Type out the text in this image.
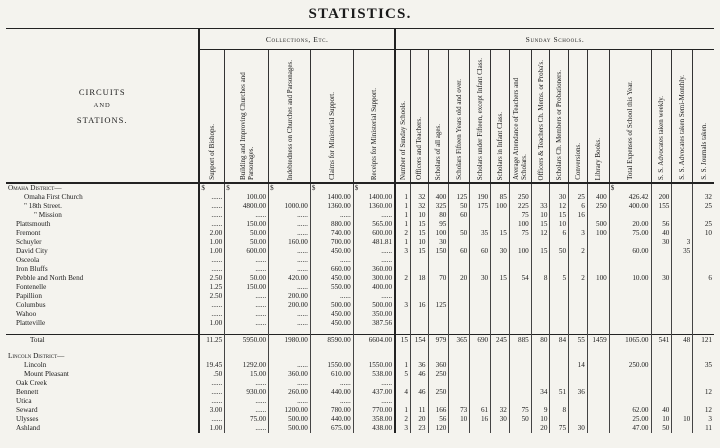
STATISTICS.
CIRCUITS
AND
STATIONS.	Collections, Etc.					Sunday Schools.														

	Support of Bishops.	Building and Improving Churches and Parsonages.	Indebtedness on Churches and Parsonages.	Claims for Ministerial Support.	Receipts for Ministerial Support.	Number of Sunday Schools.	Officers and Teachers.	Scholars of all ages.	Scholars Fifteen Years old and over.	Scholars under Fifteen, except Infant Class.	Scholars in Infant Class.	Average Attendance of Teachers and Scholars.	Officers & Teachers Ch. Mems. or Proba's.	Scholars Ch. Members or Probationers.	Conversions.	Library Books.	Total Expenses of School this Year.	S. S. Advocates taken weekly.	S. S. Advocates taken Semi-Monthly.	S. S. Journals taken.

Omaha District—	$	$	$	$	$												$			
Omaha First Church	......	100.00		1400.00	1400.00	1	32	400	125	190	85	250		30	25	400	426.42	200		32
" 18th Street.	......	4800.00	1000.00	1360.00	1360.00	1	32	325	50	175	100	225	33	12	6	250	400.00	155		25
" Mission	......	......	......	......	......	1	10	80	60			75	10	15	16					
Plattsmouth	......	150.00	......	880.00	565.00	1	15	95				100	15	10		500	20.00	56		25
Fremont	2.00	50.00	......	740.00	600.00	2	15	100	50	35	15	75	12	6	3	100	75.00	40		10
Schuyler	1.00	50.00	160.00	700.00	481.81	1	10	30										30	3	
David City	1.00	600.00	......	450.00	......	3	15	150	60	60	30	100	15	50	2		60.00		35	
Osceola	......	......	......	......	......															
Iron Bluffs	......	......	......	660.00	360.00															
Pebble and North Bend	2.50	50.00	420.00	450.00	300.00	2	18	70	20	30	15	54	8	5	2	100	10.00	30		6
Fontenelle	1.25	150.00	......	550.00	400.00															
Papillion	2.50	......	200.00	......	......															
Columbus	......	......	200.00	500.00	500.00	3	16	125												
Wahoo	......	......	......	450.00	350.00															
Platteville	1.00	......	......	450.00	387.56															

Total	11.25	5950.00	1980.00	8590.00	6604.00	15	154	979	365	690	245	885	80	84	55	1459	1065.00	541	48	121

Lincoln District—																				
Lincoln	19.45	1292.00	......	1550.00	1550.00	1	36	360							14		250.00			35
Mount Pleasant	.50	15.00	360.00	610.00	538.00	5	46	250												
Oak Creek	......	......	......	......	......															
Bennett	......	930.00	260.00	440.00	437.00	4	46	250					34	51	36					12
Utica	......	......	......	......	......															
Seward	3.00	......	1200.00	780.00	770.00	1	11	166	73	61	32	75	9	8			62.00	40		12
Ulysses	......	75.00	500.00	440.00	358.00	2	20	56	10	16	30	50	10				25.00	10	10	3
Ashland	1.00	......	500.00	675.00	438.00	3	23	120					20	75	30		47.00	50		11
